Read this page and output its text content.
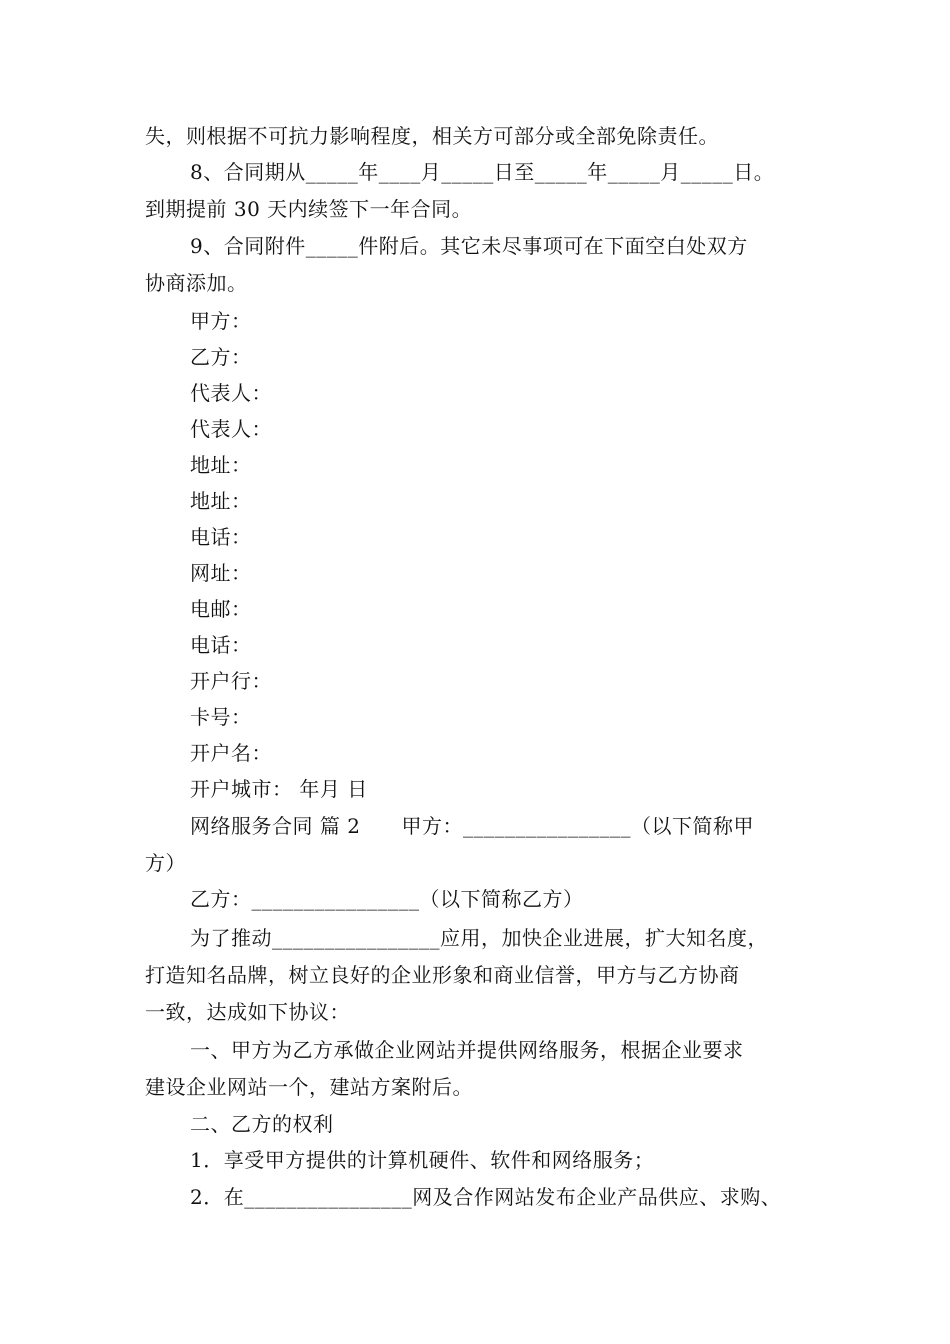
失，则根据不可抗力影响程度，相关方可部分或全部免除责任。
8、合同期从_____年____月_____日至_____年_____月_____日。
到期提前 30 天内续签下一年合同。
9、合同附件_____件附后。其它未尽事项可在下面空白处双方
协商添加。
甲方：
乙方：
代表人：
代表人：
地址：
地址：
电话：
网址：
电邮：
电话：
开户行：
卡号：
开户名：
开户城市： 年月 日
网络服务合同 篇 2　　甲方：________________（以下简称甲
方）
乙方：________________（以下简称乙方）
为了推动________________应用，加快企业进展，扩大知名度，
打造知名品牌，树立良好的企业形象和商业信誉，甲方与乙方协商
一致，达成如下协议：
一、甲方为乙方承做企业网站并提供网络服务，根据企业要求
建设企业网站一个，建站方案附后。
二、乙方的权利
1．享受甲方提供的计算机硬件、软件和网络服务；
2．在________________网及合作网站发布企业产品供应、求购、
